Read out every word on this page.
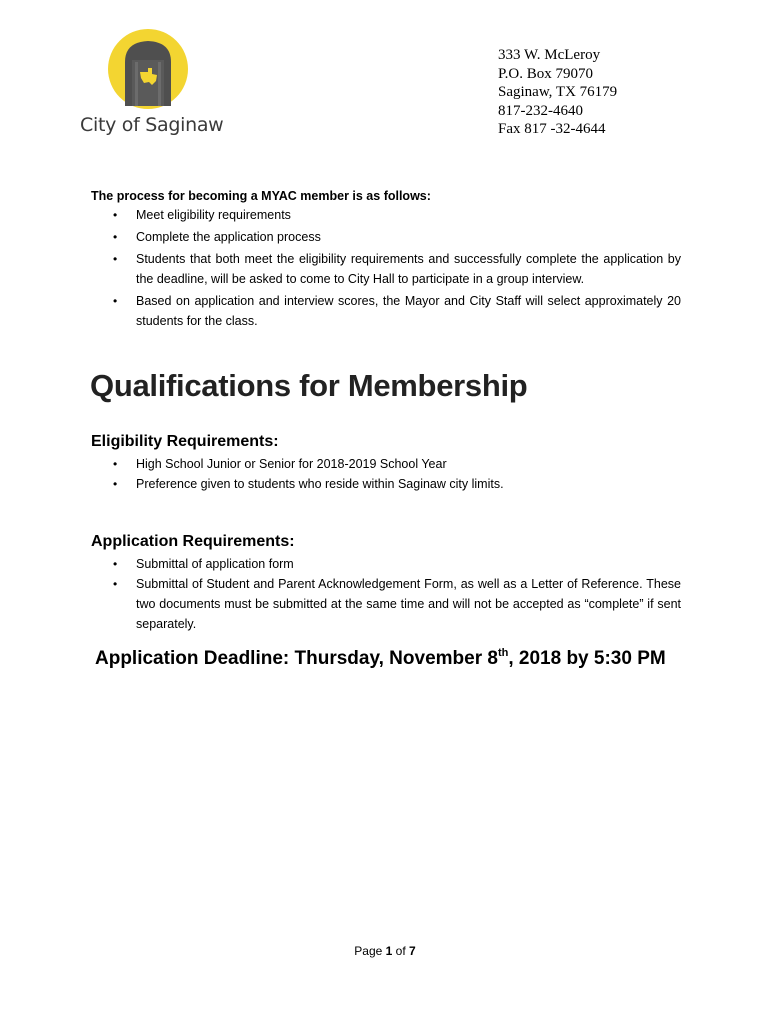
City of Saginaw
333 W. McLeroy
P.O. Box 79070
Saginaw, TX 76179
817-232-4640
Fax 817 -32-4644
The process for becoming a MYAC member is as follows:
• Meet eligibility requirements
• Complete the application process
• Students that both meet the eligibility requirements and successfully complete the application by the deadline, will be asked to come to City Hall to participate in a group interview.
• Based on application and interview scores, the Mayor and City Staff will select approximately 20 students for the class.
Qualifications for Membership
Eligibility Requirements:
• High School Junior or Senior for 2018-2019 School Year
• Preference given to students who reside within Saginaw city limits.
Application Requirements:
• Submittal of application form
• Submittal of Student and Parent Acknowledgement Form, as well as a Letter of Reference. These two documents must be submitted at the same time and will not be accepted as “complete” if sent separately.
Application Deadline: Thursday, November 8th, 2018 by 5:30 PM
Page 1 of 7
